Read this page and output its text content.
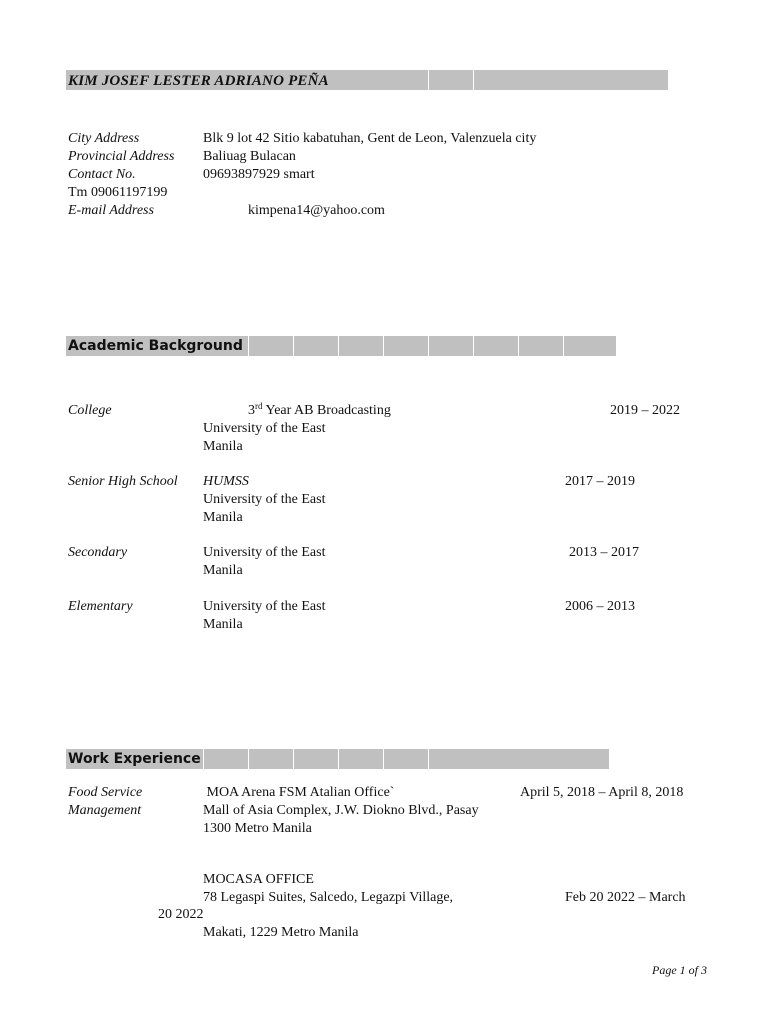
KIM JOSEF LESTER ADRIANO PEÑA
City Address	Blk 9 lot 42 Sitio kabatuhan, Gent de Leon, Valenzuela city
Provincial Address Baliuag Bulacan
Contact No.	09693897929 smart
Tm 09061197199
E-mail Address	kimpena14@yahoo.com
Academic Background
College	3rd Year AB Broadcasting	2019 – 2022
University of the East
Manila
Senior High School HUMSS	2017 – 2019
University of the East
Manila
Secondary	University of the East	2013 – 2017
Manila
Elementary	University of the East	2006 – 2013
Manila
Work Experience
Food Service
Management
MOA Arena FSM Atalian Office`	April 5, 2018 – April 8, 2018
Mall of Asia Complex, J.W. Diokno Blvd., Pasay
1300 Metro Manila
MOCASA OFFICE
78 Legaspi Suites, Salcedo, Legazpi Village,	Feb 20 2022 – March
20 2022
Makati, 1229 Metro Manila
Page 1 of 3
